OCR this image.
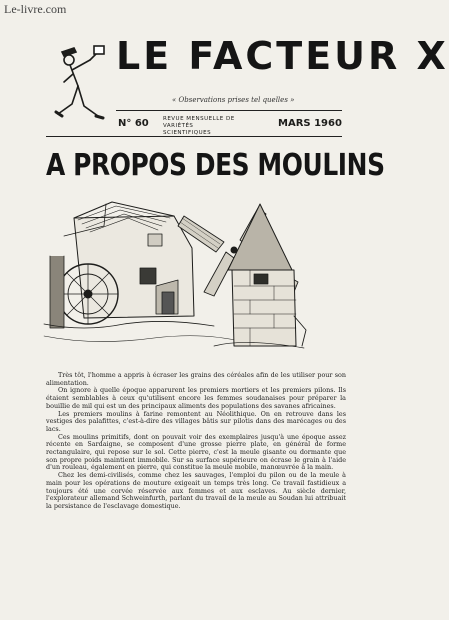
Le-livre.com
LE FACTEUR X
« Observations prises tel quelles »
N° 60	REVUE MENSUELLE DE VARIÉTÉS SCIENTIFIQUES
MARS 1960
A PROPOS DES MOULINS

Très tôt, l'homme a appris à écraser les grains des céréales afin de les utiliser pour son alimentation.

On ignore à quelle époque apparurent les premiers mortiers et les premiers pilons. Ils étaient semblables à ceux qu'utilisent encore les femmes soudanaises pour préparer la bouillie de mil qui est un des principaux aliments des populations des savanes africaines.

Les premiers moulins à farine remontent au Néolithique. On en retrouve dans les vestiges des palafittes, c'est-à-dire des villages bâtis sur pilotis dans des marécages ou des lacs.

Ces moulins primitifs, dont on pouvait voir des exemplaires jusqu'à une époque assez récente en Sardaigne, se composent d'une grosse pierre plate, en général de forme rectangulaire, qui repose sur le sol. Cette pierre, c'est la meule gisante ou dormante que son propre poids maintient immobile. Sur sa surface supérieure on écrase le grain à l'aide d'un rouleau, également en pierre, qui constitue la meule mobile, manœuvrée à la main.

Chez les demi-civilisés, comme chez les sauvages, l'emploi du pilon ou de la meule à main pour les opérations de mouture exigeait un temps très long. Ce travail fastidieux a toujours été une corvée réservée aux femmes et aux esclaves. Au siècle dernier, l'explorateur allemand Schweinfurth, parlant du travail de la meule au Soudan lui attribuait la persistance de l'esclavage domestique.
